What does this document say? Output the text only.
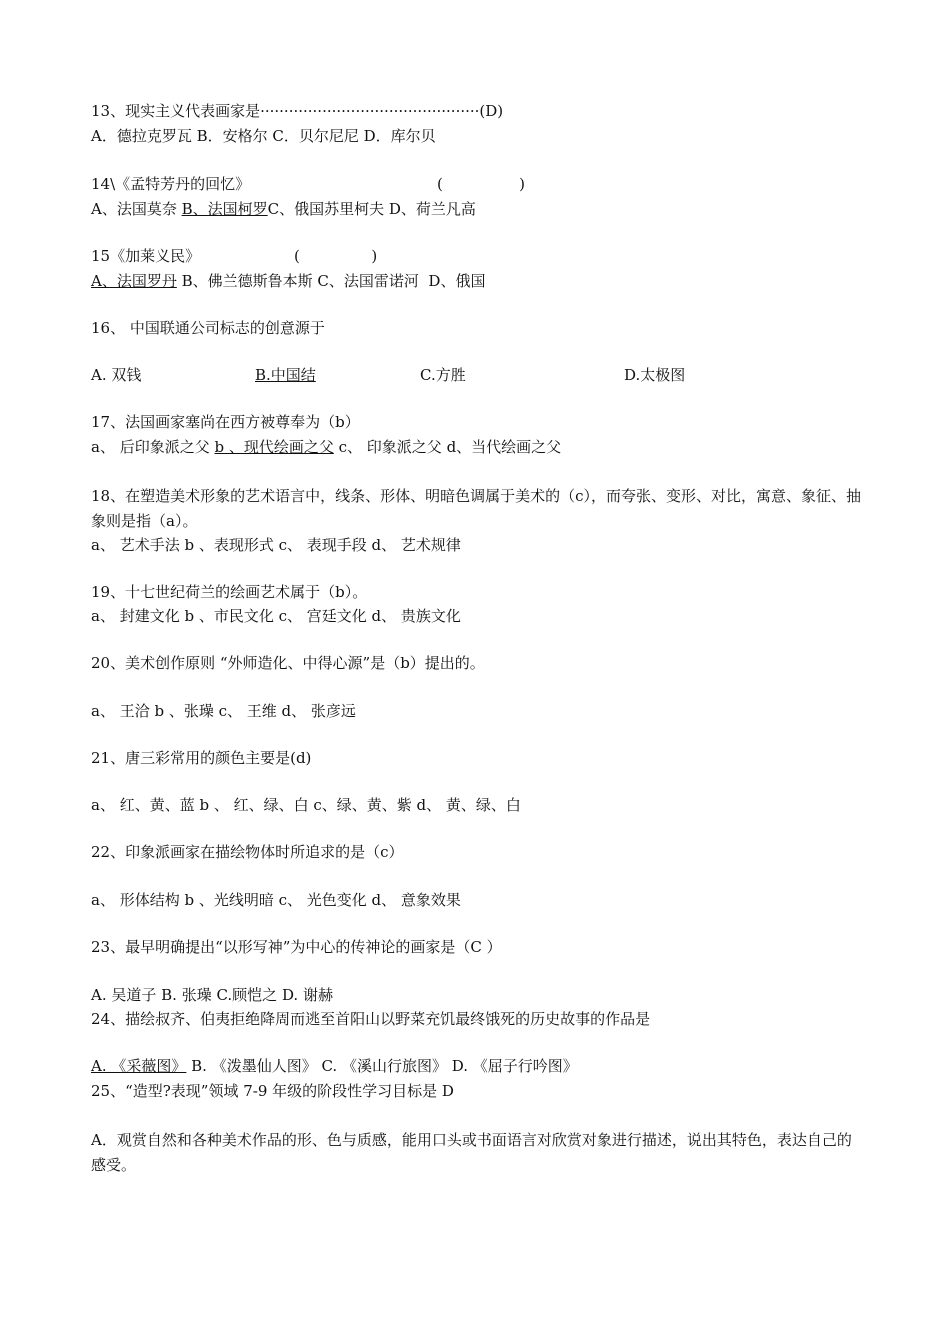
13、现实主义代表画家是··············································(D)
A．德拉克罗瓦 B．安格尔 C．贝尔尼尼 D．库尔贝
14\《孟特芳丹的回忆》	(                )
A、法国莫奈 B、法国柯罗C、俄国苏里柯夫 D、荷兰凡高
15《加莱义民》	(               )
A、法国罗丹 B、佛兰德斯鲁本斯 C、法国雷诺河  D、俄国
16、 中国联通公司标志的创意源于
A. 双钱	B.中国结	C.方胜	D.太极图
17、法国画家塞尚在西方被尊奉为（b）
a、 后印象派之父 b 、现代绘画之父 c、 印象派之父 d、当代绘画之父
18、在塑造美术形象的艺术语言中，线条、形体、明暗色调属于美术的（c），而夸张、变形、对比，寓意、象征、抽象则是指（a）。
a、 艺术手法 b 、表现形式 c、 表现手段 d、 艺术规律
19、十七世纪荷兰的绘画艺术属于（b）。
a、 封建文化 b 、市民文化 c、 宫廷文化 d、 贵族文化
20、美术创作原则 “外师造化、中得心源”是（b）提出的。
a、 王洽 b 、张璪 c、 王维 d、 张彦远
21、唐三彩常用的颜色主要是(d)
a、 红、黄、蓝 b 、 红、绿、白 c、绿、黄、紫 d、 黄、绿、白
22、印象派画家在描绘物体时所追求的是（c）
a、 形体结构 b 、光线明暗 c、 光色变化 d、 意象效果
23、最早明确提出“以形写神”为中心的传神论的画家是（C ）
A. 吴道子 B. 张璪 C.顾恺之 D. 谢赫
24、描绘叔齐、伯夷拒绝降周而逃至首阳山以野菜充饥最终饿死的历史故事的作品是
A. 《采薇图》 B. 《泼墨仙人图》 C. 《溪山行旅图》 D. 《屈子行吟图》
25、“造型?表现”领域 7-9 年级的阶段性学习目标是 D
A．观赏自然和各种美术作品的形、色与质感，能用口头或书面语言对欣赏对象进行描述，说出其特色，表达自己的感受。
